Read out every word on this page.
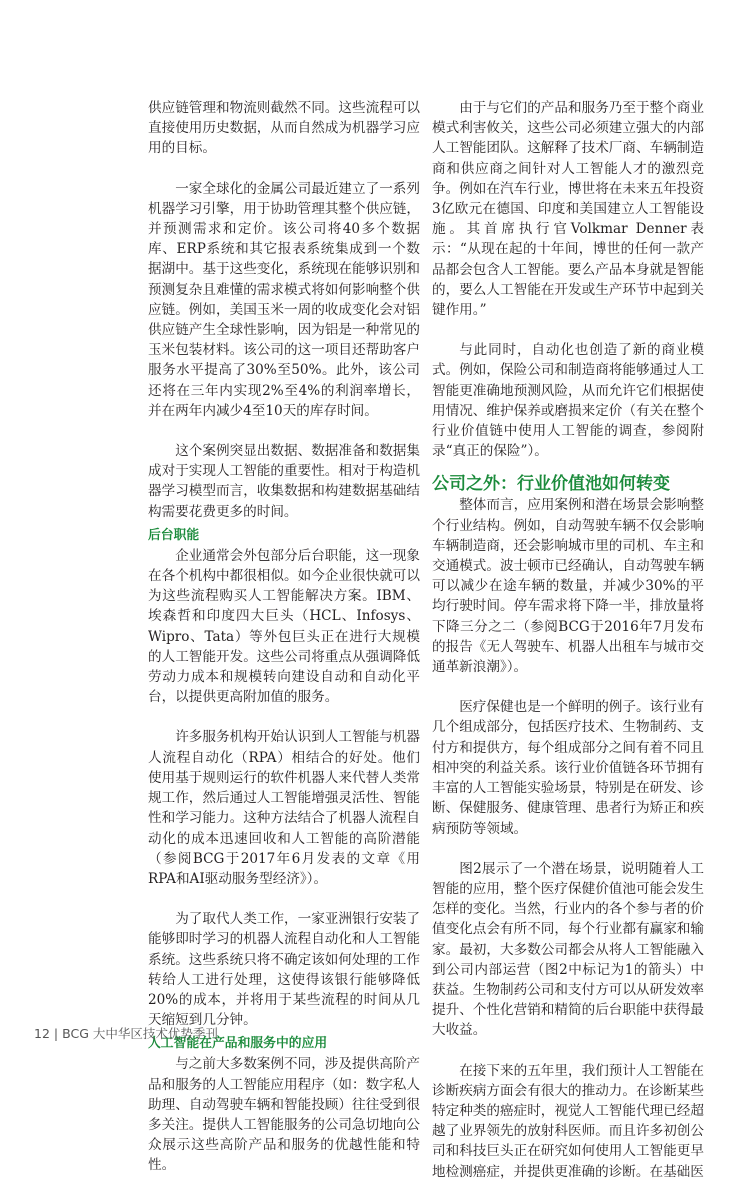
供应链管理和物流则截然不同。这些流程可以直接使用历史数据，从而自然成为机器学习应用的目标。

一家全球化的金属公司最近建立了一系列机器学习引擎，用于协助管理其整个供应链，并预测需求和定价。该公司将40多个数据库、ERP系统和其它报表系统集成到一个数据湖中。基于这些变化，系统现在能够识别和预测复杂且难懂的需求模式将如何影响整个供应链。例如，美国玉米一周的收成变化会对铝供应链产生全球性影响，因为铝是一种常见的玉米包装材料。该公司的这一项目还帮助客户服务水平提高了30%至50%。此外，该公司还将在三年内实现2%至4%的利润率增长，并在两年内减少4至10天的库存时间。

这个案例突显出数据、数据准备和数据集成对于实现人工智能的重要性。相对于构造机器学习模型而言，收集数据和构建数据基础结构需要花费更多的时间。

后台职能

企业通常会外包部分后台职能，这一现象在各个机构中都很相似。如今企业很快就可以为这些流程购买人工智能解决方案。IBM、埃森哲和印度四大巨头（HCL、Infosys、Wipro、Tata）等外包巨头正在进行大规模的人工智能开发。这些公司将重点从强调降低劳动力成本和规模转向建设自动和自动化平台，以提供更高附加值的服务。

许多服务机构开始认识到人工智能与机器人流程自动化（RPA）相结合的好处。他们使用基于规则运行的软件机器人来代替人类常规工作，然后通过人工智能增强灵活性、智能性和学习能力。这种方法结合了机器人流程自动化的成本迅速回收和人工智能的高阶潜能（参阅BCG于2017年6月发表的文章《用RPA和AI驱动服务型经济》）。

为了取代人类工作，一家亚洲银行安装了能够即时学习的机器人流程自动化和人工智能系统。这些系统只将不确定该如何处理的工作转给人工进行处理，这使得该银行能够降低20%的成本，并将用于某些流程的时间从几天缩短到几分钟。

人工智能在产品和服务中的应用

与之前大多数案例不同，涉及提供高阶产品和服务的人工智能应用程序（如：数字私人助理、自动驾驶车辆和智能投顾）往往受到很多关注。提供人工智能服务的公司急切地向公众展示这些高阶产品和服务的优越性能和特性。

由于与它们的产品和服务乃至于整个商业模式利害攸关，这些公司必须建立强大的内部人工智能团队。这解释了技术厂商、车辆制造商和供应商之间针对人工智能人才的激烈竞争。例如在汽车行业，博世将在未来五年投资3亿欧元在德国、印度和美国建立人工智能设施。其首席执行官Volkmar Denner表示：“从现在起的十年间，博世的任何一款产品都会包含人工智能。要么产品本身就是智能的，要么人工智能在开发或生产环节中起到关键作用。”

与此同时，自动化也创造了新的商业模式。例如，保险公司和制造商将能够通过人工智能更准确地预测风险，从而允许它们根据使用情况、维护保养或磨损来定价（有关在整个行业价值链中使用人工智能的调查，参阅附录“真正的保险”）。

公司之外：行业价值池如何转变

整体而言，应用案例和潜在场景会影响整个行业结构。例如，自动驾驶车辆不仅会影响车辆制造商，还会影响城市里的司机、车主和交通模式。波士顿市已经确认，自动驾驶车辆可以减少在途车辆的数量，并减少30%的平均行驶时间。停车需求将下降一半，排放量将下降三分之二（参阅BCG于2016年7月发布的报告《无人驾驶车、机器人出租车与城市交通革新浪潮》）。

医疗保健也是一个鲜明的例子。该行业有几个组成部分，包括医疗技术、生物制药、支付方和提供方，每个组成部分之间有着不同且相冲突的利益关系。该行业价值链各环节拥有丰富的人工智能实验场景，特别是在研发、诊断、保健服务、健康管理、患者行为矫正和疾病预防等领域。

图2展示了一个潜在场景，说明随着人工智能的应用，整个医疗保健价值池可能会发生怎样的变化。当然，行业内的各个参与者的价值变化点会有所不同，每个行业都有赢家和输家。最初，大多数公司都会从将人工智能融入到公司内部运营（图2中标记为1的箭头）中获益。生物制药公司和支付方可以从研发效率提升、个性化营销和精简的后台职能中获得最大收益。

在接下来的五年里，我们预计人工智能在诊断疾病方面会有很大的推动力。在诊断某些特定种类的癌症时，视觉人工智能代理已经超越了业界领先的放射科医师。而且许多初创公司和科技巨头正在研究如何使用人工智能更早地检测癌症，并提供更准确的诊断。在基础医

12 | BCG 大中华区技术优势季刊
